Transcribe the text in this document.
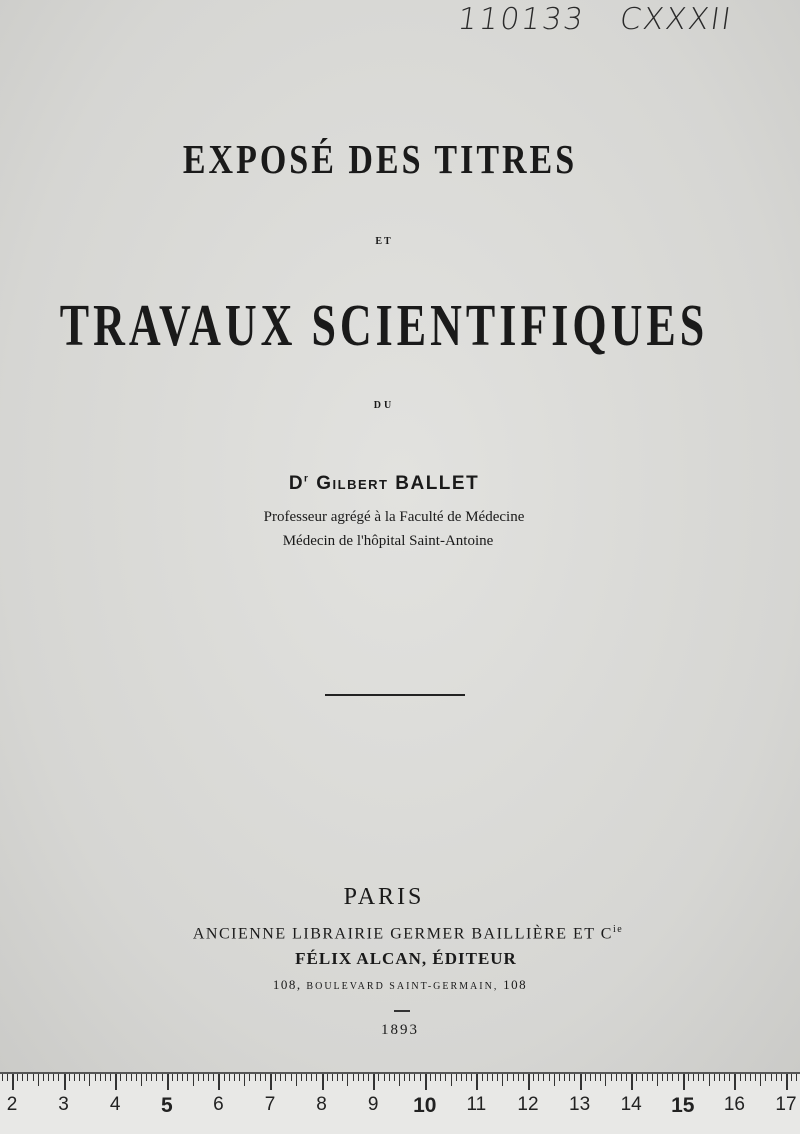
110133 CXXXII
EXPOSÉ DES TITRES
ET
TRAVAUX SCIENTIFIQUES
DU
$D^r$ Gilbert BALLET
Professeur agrégé à la Faculté de Médecine
Médecin de l'hôpital Saint-Antoine
PARIS
ANCIENNE LIBRAIRIE GERMER BAILLIÈRE ET $C^{ie}$
FÉLIX ALCAN, ÉDITEUR
108, BOULEVARD SAINT-GERMAIN, 108
1893
2 3 4 5 6 7 8 9 10 11 12 13 14 15 16 17
